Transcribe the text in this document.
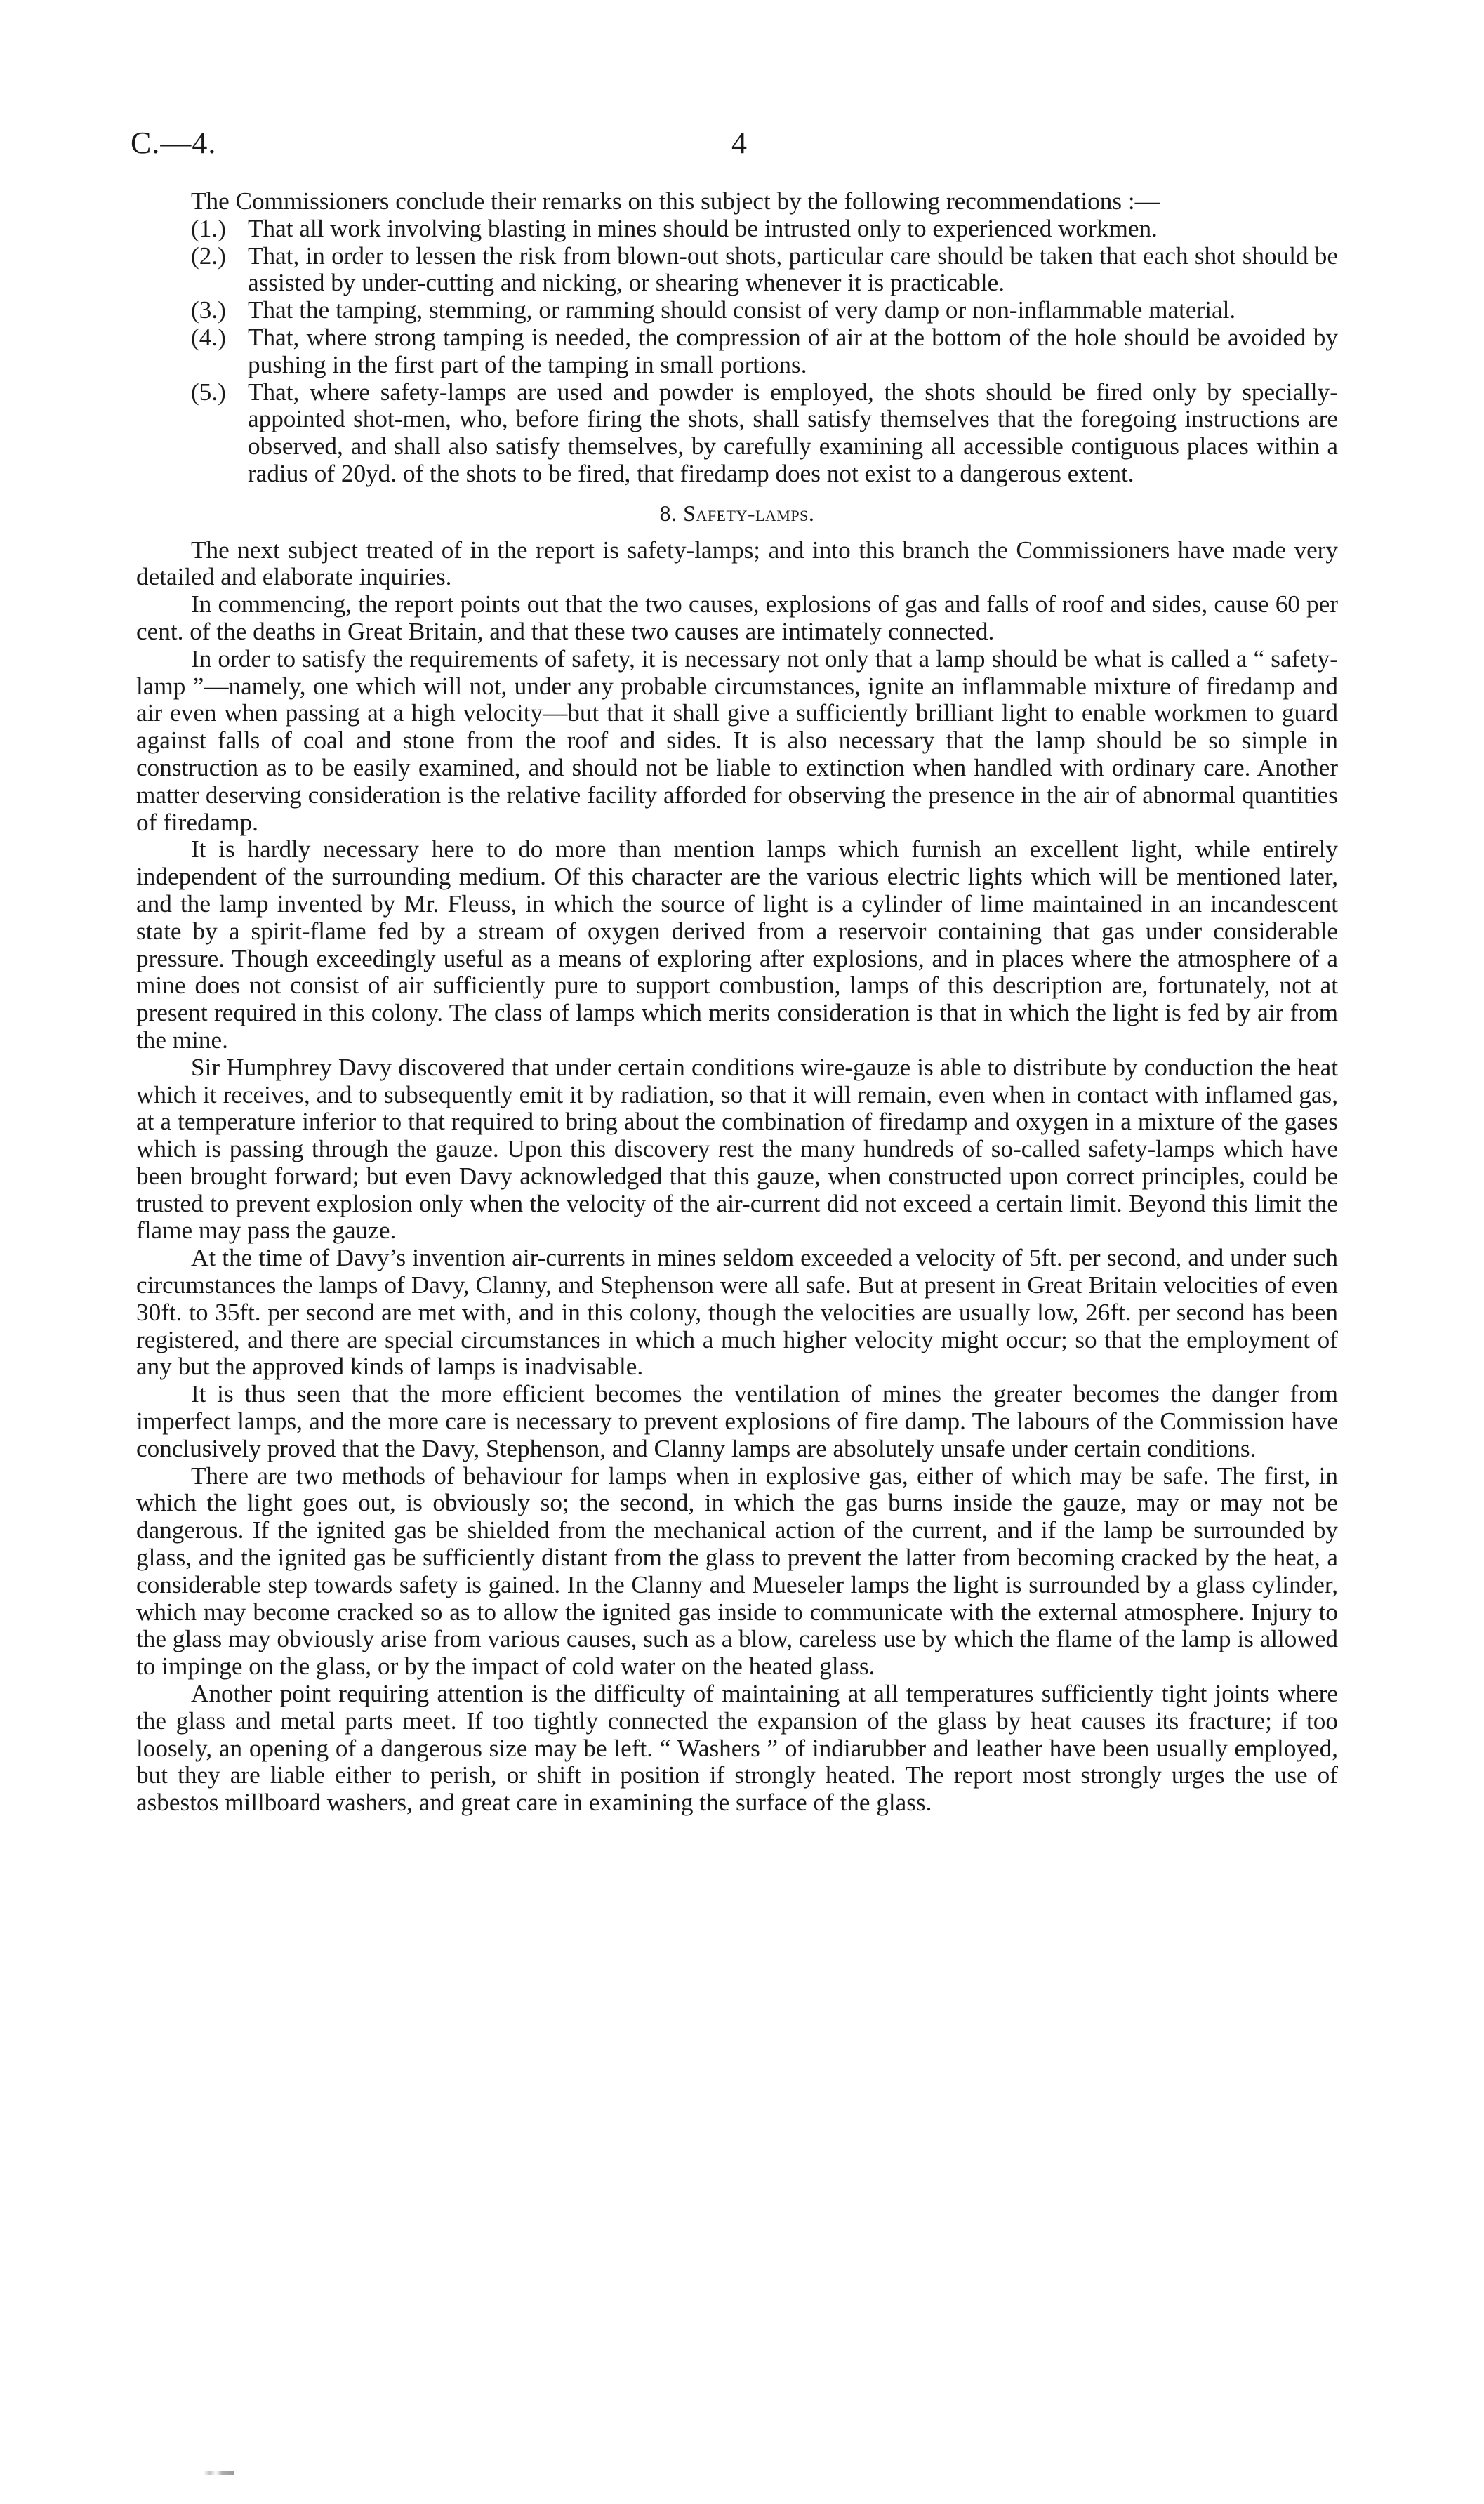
C.—4.	4

The Commissioners conclude their remarks on this subject by the following recommendations :—

(1.) That all work involving blasting in mines should be intrusted only to experienced workmen.
(2.) That, in order to lessen the risk from blown-out shots, particular care should be taken that each shot should be assisted by under-cutting and nicking, or shearing whenever it is practicable.
(3.) That the tamping, stemming, or ramming should consist of very damp or non-inflammable material.
(4.) That, where strong tamping is needed, the compression of air at the bottom of the hole should be avoided by pushing in the first part of the tamping in small portions.
(5.) That, where safety-lamps are used and powder is employed, the shots should be fired only by specially-appointed shot-men, who, before firing the shots, shall satisfy themselves that the foregoing instructions are observed, and shall also satisfy themselves, by carefully examining all accessible contiguous places within a radius of 20yd. of the shots to be fired, that firedamp does not exist to a dangerous extent.
8. Safety-lamps.

The next subject treated of in the report is safety-lamps; and into this branch the Commissioners have made very detailed and elaborate inquiries.

In commencing, the report points out that the two causes, explosions of gas and falls of roof and sides, cause 60 per cent. of the deaths in Great Britain, and that these two causes are intimately connected.

In order to satisfy the requirements of safety, it is necessary not only that a lamp should be what is called a “ safety-lamp ”—namely, one which will not, under any probable circumstances, ignite an inflammable mixture of firedamp and air even when passing at a high velocity—but that it shall give a sufficiently brilliant light to enable workmen to guard against falls of coal and stone from the roof and sides. It is also necessary that the lamp should be so simple in construction as to be easily examined, and should not be liable to extinction when handled with ordinary care. Another matter deserving consideration is the relative facility afforded for observing the presence in the air of abnormal quantities of firedamp.

It is hardly necessary here to do more than mention lamps which furnish an excellent light, while entirely independent of the surrounding medium. Of this character are the various electric lights which will be mentioned later, and the lamp invented by Mr. Fleuss, in which the source of light is a cylinder of lime maintained in an incandescent state by a spirit-flame fed by a stream of oxygen derived from a reservoir containing that gas under considerable pressure. Though exceedingly useful as a means of exploring after explosions, and in places where the atmosphere of a mine does not consist of air sufficiently pure to support combustion, lamps of this description are, fortunately, not at present required in this colony. The class of lamps which merits consideration is that in which the light is fed by air from the mine.

Sir Humphrey Davy discovered that under certain conditions wire-gauze is able to distribute by conduction the heat which it receives, and to subsequently emit it by radiation, so that it will remain, even when in contact with inflamed gas, at a temperature inferior to that required to bring about the combination of firedamp and oxygen in a mixture of the gases which is passing through the gauze. Upon this discovery rest the many hundreds of so-called safety-lamps which have been brought forward; but even Davy acknowledged that this gauze, when constructed upon correct principles, could be trusted to prevent explosion only when the velocity of the air-current did not exceed a certain limit. Beyond this limit the flame may pass the gauze.

At the time of Davy’s invention air-currents in mines seldom exceeded a velocity of 5ft. per second, and under such circumstances the lamps of Davy, Clanny, and Stephenson were all safe. But at present in Great Britain velocities of even 30ft. to 35ft. per second are met with, and in this colony, though the velocities are usually low, 26ft. per second has been registered, and there are special circumstances in which a much higher velocity might occur; so that the employment of any but the approved kinds of lamps is inadvisable.

It is thus seen that the more efficient becomes the ventilation of mines the greater becomes the danger from imperfect lamps, and the more care is necessary to prevent explosions of fire damp. The labours of the Commission have conclusively proved that the Davy, Stephenson, and Clanny lamps are absolutely unsafe under certain conditions.

There are two methods of behaviour for lamps when in explosive gas, either of which may be safe. The first, in which the light goes out, is obviously so; the second, in which the gas burns inside the gauze, may or may not be dangerous. If the ignited gas be shielded from the mechanical action of the current, and if the lamp be surrounded by glass, and the ignited gas be sufficiently distant from the glass to prevent the latter from becoming cracked by the heat, a considerable step towards safety is gained. In the Clanny and Mueseler lamps the light is surrounded by a glass cylinder, which may become cracked so as to allow the ignited gas inside to communicate with the external atmosphere. Injury to the glass may obviously arise from various causes, such as a blow, careless use by which the flame of the lamp is allowed to impinge on the glass, or by the impact of cold water on the heated glass.

Another point requiring attention is the difficulty of maintaining at all temperatures sufficiently tight joints where the glass and metal parts meet. If too tightly connected the expansion of the glass by heat causes its fracture; if too loosely, an opening of a dangerous size may be left. “ Washers ” of indiarubber and leather have been usually employed, but they are liable either to perish, or shift in position if strongly heated. The report most strongly urges the use of asbestos millboard washers, and great care in examining the surface of the glass.
